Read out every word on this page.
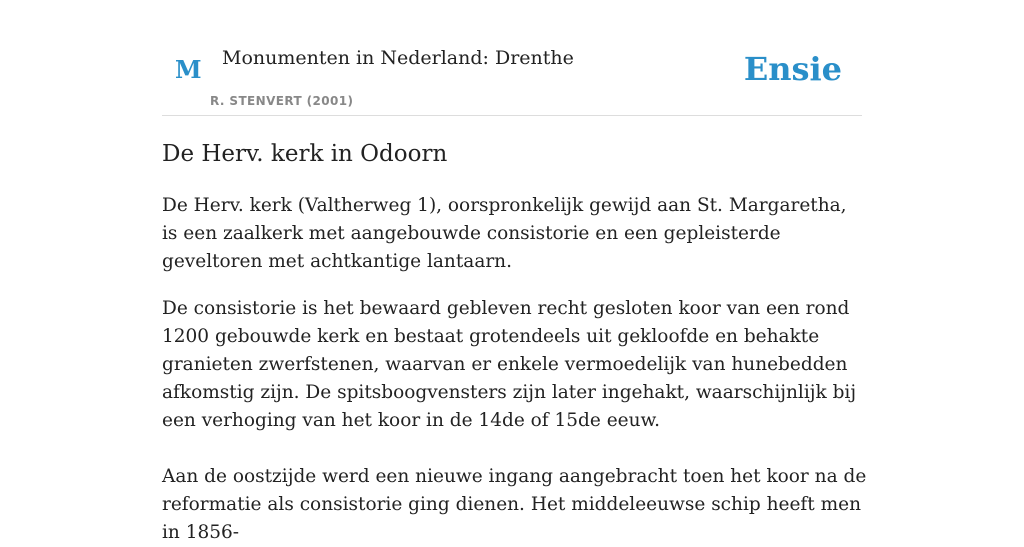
M Monumenten in Nederland: Drenthe
R. STENVERT (2001)
Ensie
De Herv. kerk in Odoorn

De Herv. kerk (Valtherweg 1), oorspronkelijk gewijd aan St. Margaretha, is een zaalkerk met aangebouwde consistorie en een gepleisterde geveltoren met achtkantige lantaarn.

De consistorie is het bewaard gebleven recht gesloten koor van een rond 1200 gebouwde kerk en bestaat grotendeels uit gekloofde en behakte granieten zwerfstenen, waarvan er enkele vermoedelijk van hunebedden afkomstig zijn. De spitsboogvensters zijn later ingehakt, waarschijnlijk bij een verhoging van het koor in de 14de of 15de eeuw.

Aan de oostzijde werd een nieuwe ingang aangebracht toen het koor na de reformatie als consistorie ging dienen. Het middeleeuwse schip heeft men in 1856-
